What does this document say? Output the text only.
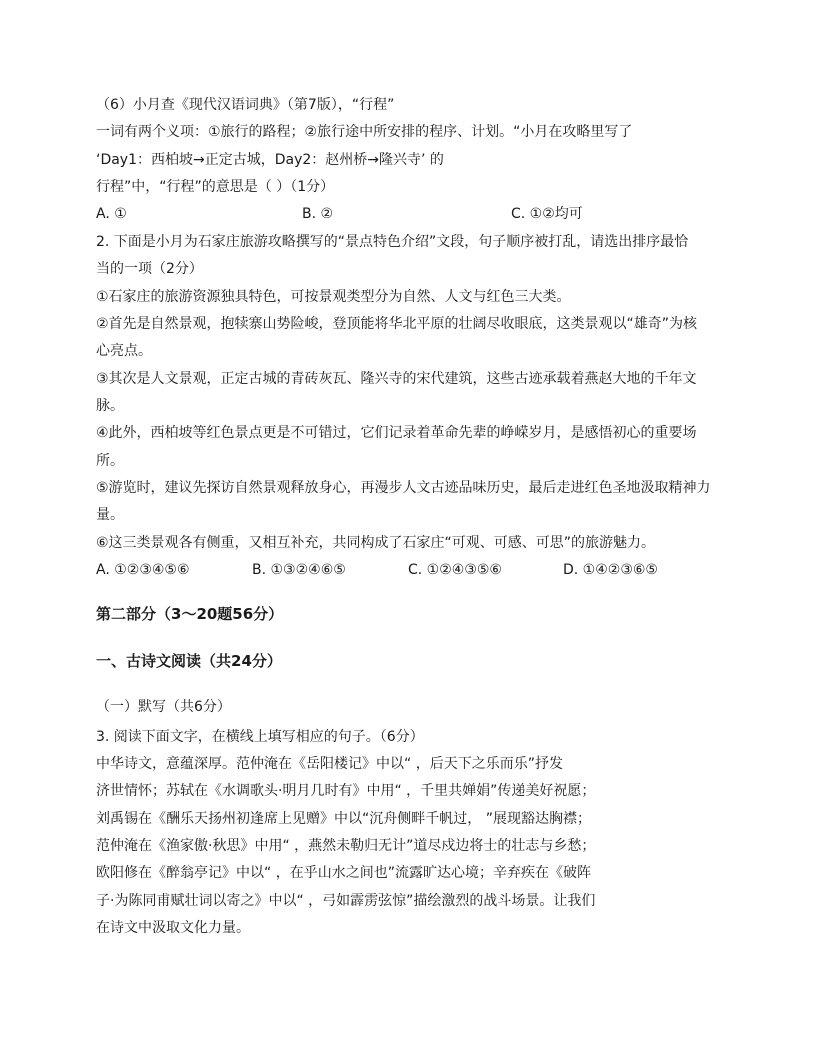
（6）小月查《现代汉语词典》（第7版），“行程”
一词有两个义项：①旅行的路程；②旅行途中所安排的程序、计划。“小月在攻略里写了
‘Day1：西柏坡→正定古城，Day2：赵州桥→隆兴寺’ 的
行程”中，“行程”的意思是（ ）（1分）
A. ①	B. ②	C. ①②均可
2. 下面是小月为石家庄旅游攻略撰写的“景点特色介绍”文段，句子顺序被打乱，请选出排序最恰
当的一项（2分）
①石家庄的旅游资源独具特色，可按景观类型分为自然、人文与红色三大类。
②首先是自然景观，抱犊寨山势险峻，登顶能将华北平原的壮阔尽收眼底，这类景观以“雄奇”为核
心亮点。
③其次是人文景观，正定古城的青砖灰瓦、隆兴寺的宋代建筑，这些古迹承载着燕赵大地的千年文
脉。
④此外，西柏坡等红色景点更是不可错过，它们记录着革命先辈的峥嵘岁月，是感悟初心的重要场
所。
⑤游览时，建议先探访自然景观释放身心，再漫步人文古迹品味历史，最后走进红色圣地汲取精神力
量。
⑥这三类景观各有侧重，又相互补充，共同构成了石家庄“可观、可感、可思”的旅游魅力。
A. ①②③④⑤⑥	B. ①③②④⑥⑤	C. ①②④③⑤⑥	D. ①④②③⑥⑤
第二部分（3～20题56分）
一、古诗文阅读（共24分）
（一）默写（共6分）
3. 阅读下面文字，在横线上填写相应的句子。（6分）
中华诗文，意蕴深厚。范仲淹在《岳阳楼记》中以“ ，后天下之乐而乐”抒发
济世情怀；苏轼在《水调歌头·明月几时有》中用“ ，千里共婵娟”传递美好祝愿；
刘禹锡在《酬乐天扬州初逢席上见赠》中以“沉舟侧畔千帆过， ”展现豁达胸襟；
范仲淹在《渔家傲·秋思》中用“ ，燕然未勒归无计”道尽戍边将士的壮志与乡愁；
欧阳修在《醉翁亭记》中以“ ，在乎山水之间也”流露旷达心境；辛弃疾在《破阵
子·为陈同甫赋壮词以寄之》中以“ ，弓如霹雳弦惊”描绘激烈的战斗场景。让我们
在诗文中汲取文化力量。
